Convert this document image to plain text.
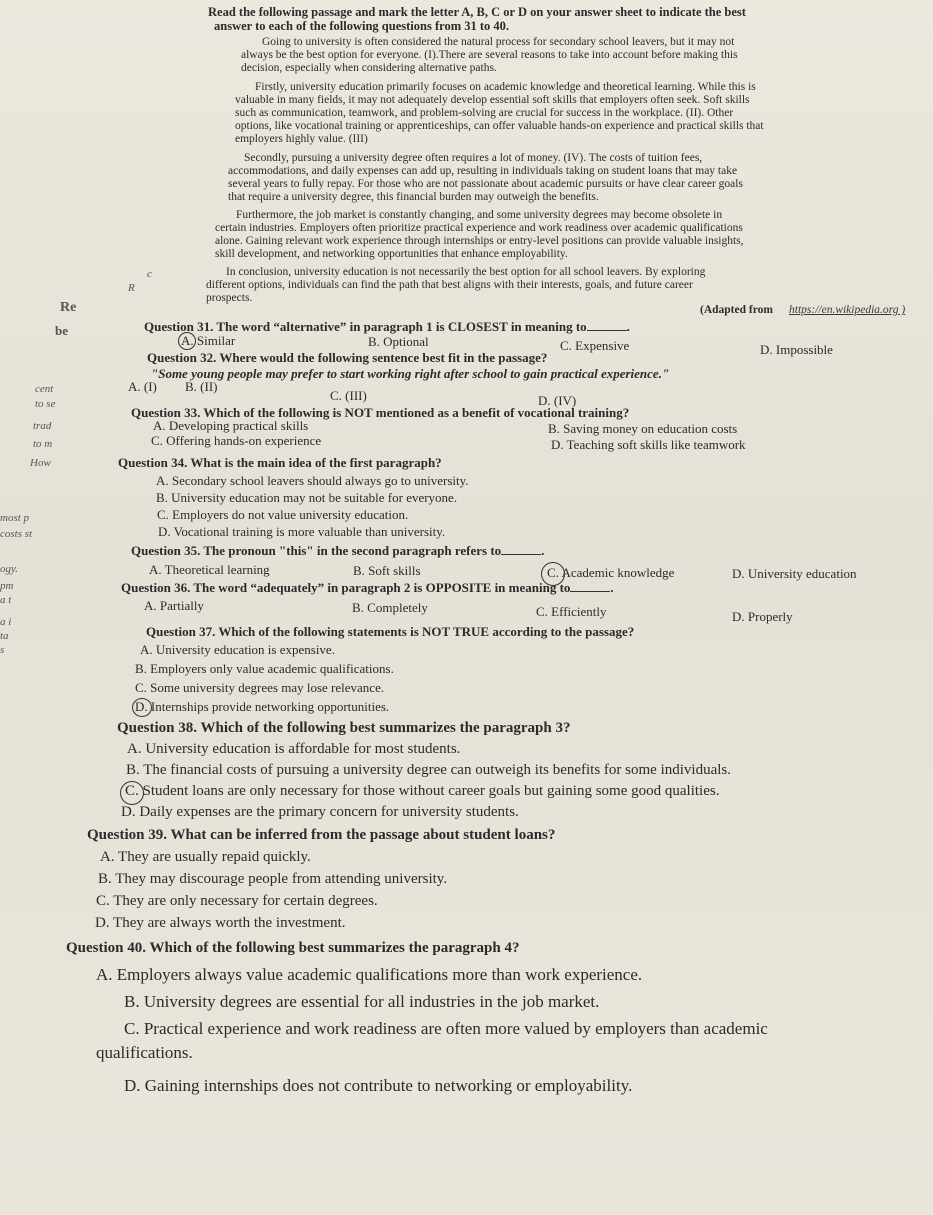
Read the following passage and mark the letter A, B, C or D on your answer sheet to indicate the best
answer to each of the following questions from 31 to 40.
Going to university is often considered the natural process for secondary school leavers, but it may not
always be the best option for everyone. (I).There are several reasons to take into account before making this
decision, especially when considering alternative paths.
Firstly, university education primarily focuses on academic knowledge and theoretical learning. While this is
valuable in many fields, it may not adequately develop essential soft skills that employers often seek. Soft skills
such as communication, teamwork, and problem-solving are crucial for success in the workplace. (II). Other
options, like vocational training or apprenticeships, can offer valuable hands-on experience and practical skills that
employers highly value. (III)
Secondly, pursuing a university degree often requires a lot of money. (IV). The costs of tuition fees,
accommodations, and daily expenses can add up, resulting in individuals taking on student loans that may take
several years to fully repay. For those who are not passionate about academic pursuits or have clear career goals
that require a university degree, this financial burden may outweigh the benefits.
Furthermore, the job market is constantly changing, and some university degrees may become obsolete in
certain industries. Employers often prioritize practical experience and work readiness over academic qualifications
alone. Gaining relevant work experience through internships or entry-level positions can provide valuable insights,
skill development, and networking opportunities that enhance employability.
In conclusion, university education is not necessarily the best option for all school leavers. By exploring
different options, individuals can find the path that best aligns with their interests, goals, and future career
prospects.
(Adapted from https://en.wikipedia.org )
c
R
Re
be
cent
to se
trad
to m
How
most p
costs st
ogy.
pm
a t
a i
ta
s
Question 31. The word “alternative” in paragraph 1 is CLOSEST in meaning to	.
A. Similar	B. Optional	C. Expensive	D. Impossible
Question 32. Where would the following sentence best fit in the passage?
"Some young people may prefer to start working right after school to gain practical experience."
A. (I) B. (II)
C. (III)	D. (IV)
Question 33. Which of the following is NOT mentioned as a benefit of vocational training?
A. Developing practical skills	B. Saving money on education costs
C. Offering hands-on experience	D. Teaching soft skills like teamwork
Question 34. What is the main idea of the first paragraph?
A. Secondary school leavers should always go to university.
B. University education may not be suitable for everyone.
C. Employers do not value university education.
D. Vocational training is more valuable than university.
Question 35. The pronoun "this" in the second paragraph refers to	.
A. Theoretical learning	B. Soft skills	C. Academic knowledge	D. University education
Question 36. The word “adequately” in paragraph 2 is OPPOSITE in meaning to	.
A. Partially	B. Completely	C. Efficiently	D. Properly
Question 37. Which of the following statements is NOT TRUE according to the passage?
A. University education is expensive.
B. Employers only value academic qualifications.
C. Some university degrees may lose relevance.
D. Internships provide networking opportunities.
Question 38. Which of the following best summarizes the paragraph 3?
A. University education is affordable for most students.
B. The financial costs of pursuing a university degree can outweigh its benefits for some individuals.
C. Student loans are only necessary for those without career goals but gaining some good qualities.
D. Daily expenses are the primary concern for university students.
Question 39. What can be inferred from the passage about student loans?
A. They are usually repaid quickly.
B. They may discourage people from attending university.
C. They are only necessary for certain degrees.
D. They are always worth the investment.
Question 40. Which of the following best summarizes the paragraph 4?
A. Employers always value academic qualifications more than work experience.
B. University degrees are essential for all industries in the job market.
C. Practical experience and work readiness are often more valued by employers than academic
qualifications.
D. Gaining internships does not contribute to networking or employability.
